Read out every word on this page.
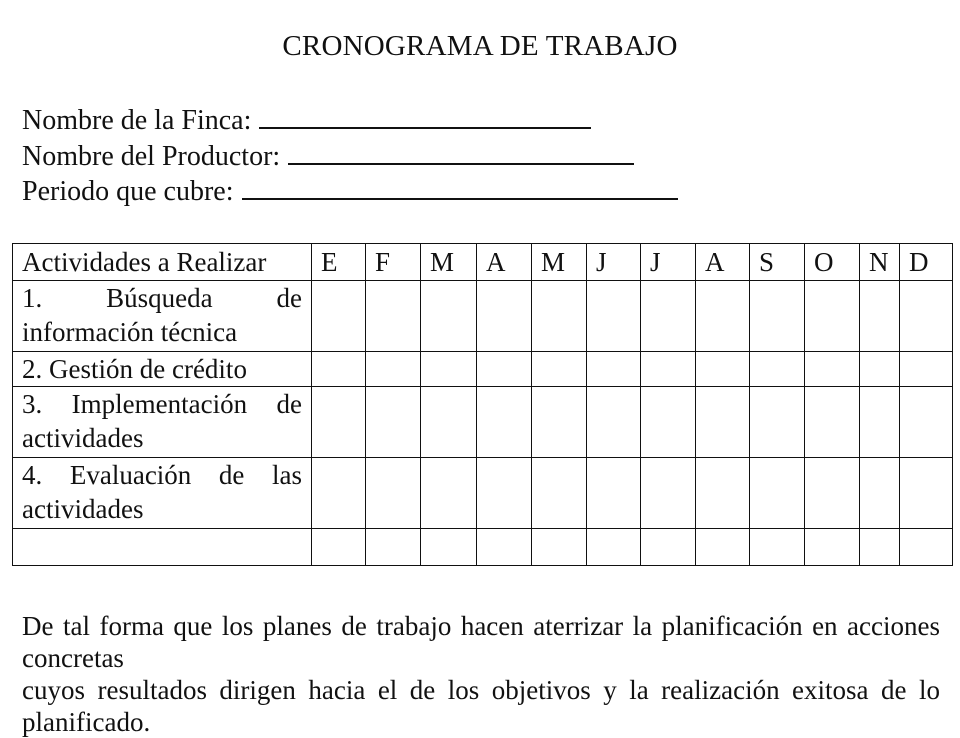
CRONOGRAMA DE TRABAJO
Nombre de la Finca:
Nombre del Productor:
Periodo que cubre:
Actividades a Realizar	E	F	M	A	M	J	J	A	S	O	N	D

1. Búsqueda de
información técnica												
2. Gestión de crédito												

3. Implementación de
actividades												

4. Evaluación de las
actividades												

De tal forma que los planes de trabajo hacen aterrizar la planificación en acciones concretas
cuyos resultados dirigen hacia el de los objetivos y la realización exitosa de lo planificado.
